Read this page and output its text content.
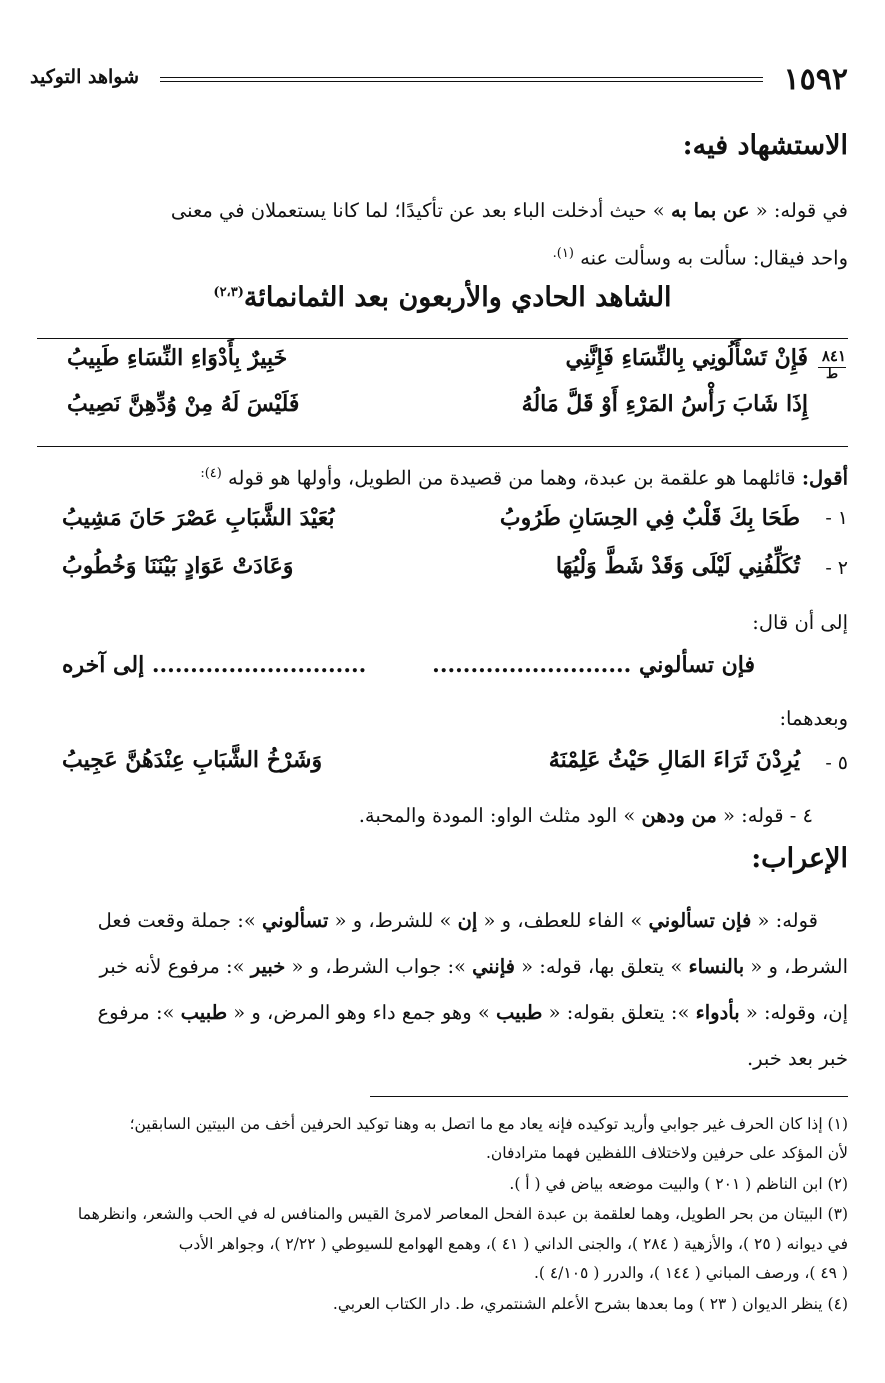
١٥٩٢
شواهد التوكيد
الاستشهاد فيه:
في قوله: « عن بما به » حيث أدخلت الباء بعد عن تأكيدًا؛ لما كانا يستعملان في معنى
واحد فيقال: سألت به وسألت عنه $^{(١).}$
الشاهد الحادي والأربعون بعد الثمانمائة$^{(٢،٣)}$
٨٤١
ط
فَإِنْ تَسْأَلُونِي بِالنِّسَاءِ فَإِنَّنِي
خَبِيرٌ بِأَدْوَاءِ النِّسَاءِ طَبِيبُ
إِذَا شَابَ رَأْسُ المَرْءِ أَوْ قَلَّ مَالُهُ
فَلَيْسَ لَهُ مِنْ وُدِّهِنَّ نَصِيبُ
أقول: قائلهما هو علقمة بن عبدة، وهما من قصيدة من الطويل، وأولها هو قوله $^{(٤):}$
١ -
طَحَا بِكَ قَلْبٌ فِي الحِسَانِ طَرُوبُ
بُعَيْدَ الشَّبَابِ عَصْرَ حَانَ مَشِيبُ
٢ -
تُكَلِّفُنِي لَيْلَى وَقَدْ شَطَّ وَلْيُهَا
وَعَادَتْ عَوَادٍ بَيْنَنَا وَخُطُوبُ
إلى أن قال:
فإن تسألوني ..........................
............................ إلى آخره
وبعدهما:
٥ -
يُرِدْنَ ثَرَاءَ المَالِ حَيْثُ عَلِمْنَهُ
وَشَرْخُ الشَّبَابِ عِنْدَهُنَّ عَجِيبُ
٤ - قوله: « من ودهن » الود مثلث الواو: المودة والمحبة.
الإعراب:
قوله: « فإن تسألوني » الفاء للعطف، و « إن » للشرط، و « تسألوني »: جملة وقعت فعل
الشرط، و « بالنساء » يتعلق بها، قوله: « فإنني »: جواب الشرط، و « خبير »: مرفوع لأنه خبر
إن، وقوله: « بأدواء »: يتعلق بقوله: « طبيب » وهو جمع داء وهو المرض، و « طبيب »: مرفوع
خبر بعد خبر.
(١) إذا كان الحرف غير جوابي وأريد توكيده فإنه يعاد مع ما اتصل به وهنا توكيد الحرفين أخف من البيتين السابقين؛
لأن المؤكد على حرفين ولاختلاف اللفظين فهما مترادفان.
(٢) ابن الناظم ( ٢٠١ ) والبيت موضعه بياض في ( أ ).
(٣) البيتان من بحر الطويل، وهما لعلقمة بن عبدة الفحل المعاصر لامرئ القيس والمنافس له في الحب والشعر، وانظرهما
في ديوانه ( ٢٥ )، والأزهية ( ٢٨٤ )، والجنى الداني ( ٤١ )، وهمع الهوامع للسيوطي ( ٢/٢٢ )، وجواهر الأدب
( ٤٩ )، ورصف المباني ( ١٤٤ )، والدرر ( ٤/١٠٥ ).
(٤) ينظر الديوان ( ٢٣ ) وما بعدها بشرح الأعلم الشنتمري، ط. دار الكتاب العربي.
